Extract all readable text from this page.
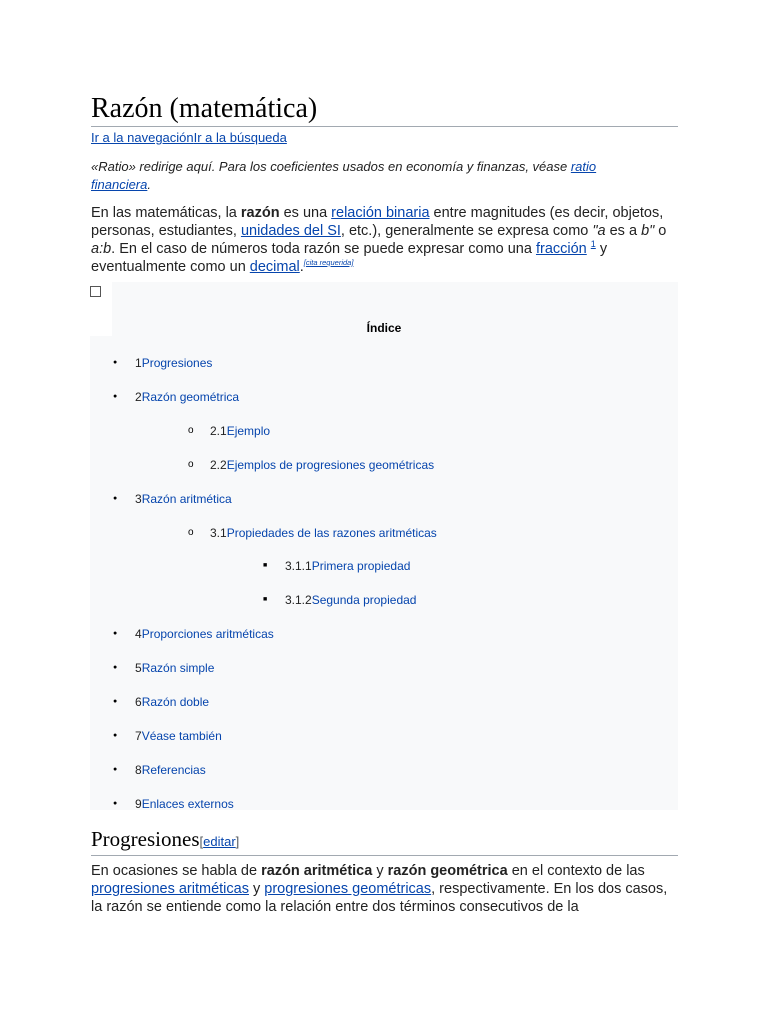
Razón (matemática)
Ir a la navegaciónIr a la búsqueda
«Ratio» redirige aquí. Para los coeficientes usados en economía y finanzas, véase ratio financiera.
En las matemáticas, la razón es una relación binaria entre magnitudes (es decir, objetos, personas, estudiantes, unidades del SI, etc.), generalmente se expresa como "a es a b" o a:b. En el caso de números toda razón se puede expresar como una fracción $^1$ y eventualmente como un decimal.[cita requerida]
Índice
● 1Progresiones
● 2Razón geométrica
o 2.1Ejemplo
o 2.2Ejemplos de progresiones geométricas
● 3Razón aritmética
o 3.1Propiedades de las razones aritméticas
■ 3.1.1Primera propiedad
■ 3.1.2Segunda propiedad
● 4Proporciones aritméticas
● 5Razón simple
● 6Razón doble
● 7Véase también
● 8Referencias
● 9Enlaces externos
Progresiones[editar]
En ocasiones se habla de razón aritmética y razón geométrica en el contexto de las progresiones aritméticas y progresiones geométricas, respectivamente. En los dos casos, la razón se entiende como la relación entre dos términos consecutivos de la
